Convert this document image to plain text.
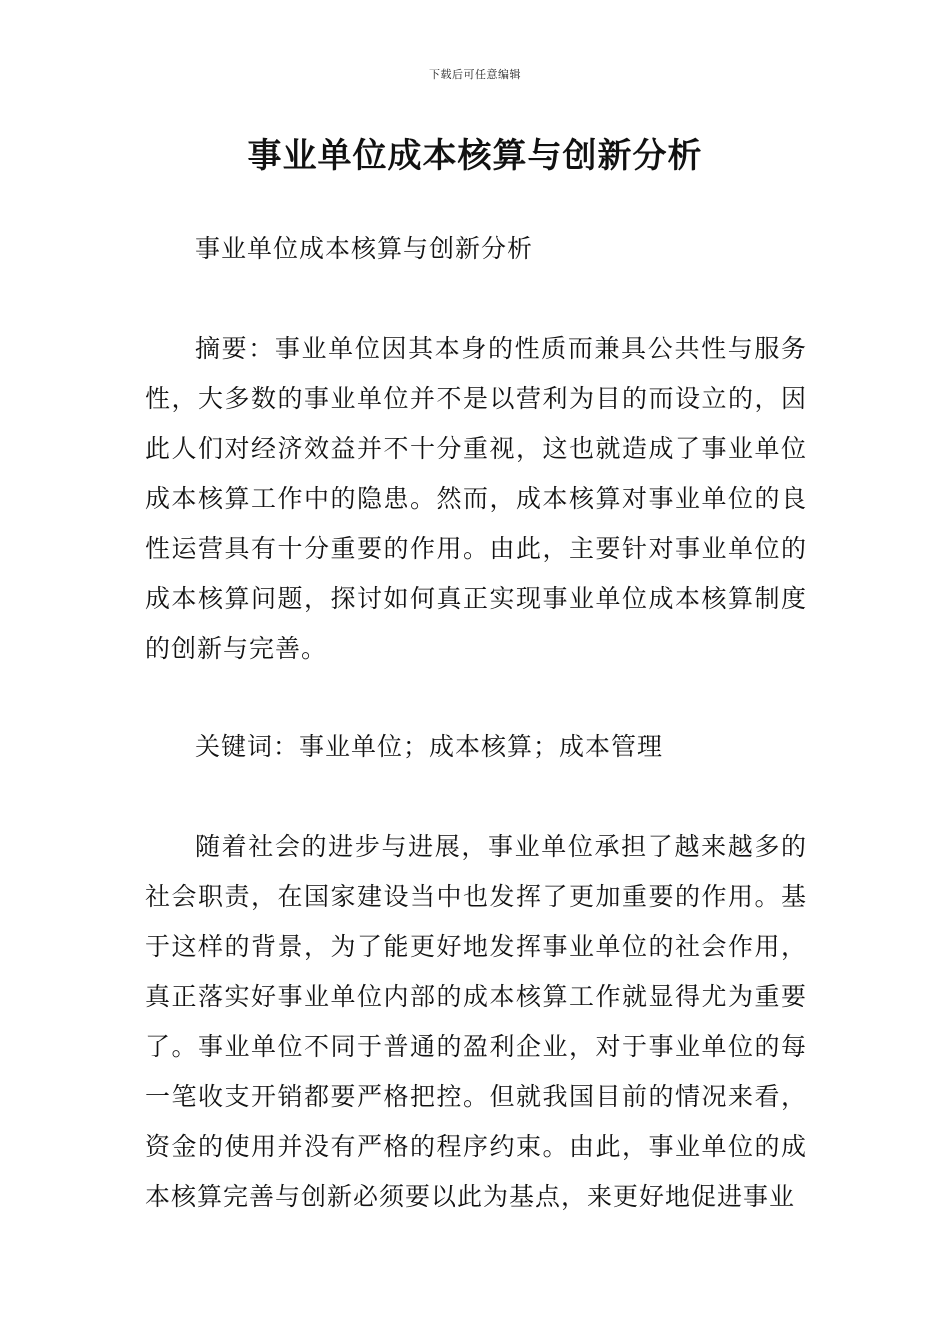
下载后可任意编辑
事业单位成本核算与创新分析

事业单位成本核算与创新分析

摘要：事业单位因其本身的性质而兼具公共性与服务性，大多数的事业单位并不是以营利为目的而设立的，因此人们对经济效益并不十分重视，这也就造成了事业单位成本核算工作中的隐患。然而，成本核算对事业单位的良性运营具有十分重要的作用。由此，主要针对事业单位的成本核算问题，探讨如何真正实现事业单位成本核算制度的创新与完善。

关键词：事业单位；成本核算；成本管理

随着社会的进步与进展，事业单位承担了越来越多的社会职责，在国家建设当中也发挥了更加重要的作用。基于这样的背景，为了能更好地发挥事业单位的社会作用，真正落实好事业单位内部的成本核算工作就显得尤为重要了。事业单位不同于普通的盈利企业，对于事业单位的每一笔收支开销都要严格把控。但就我国目前的情况来看，资金的使用并没有严格的程序约束。由此，事业单位的成本核算完善与创新必须要以此为基点，来更好地促进事业
